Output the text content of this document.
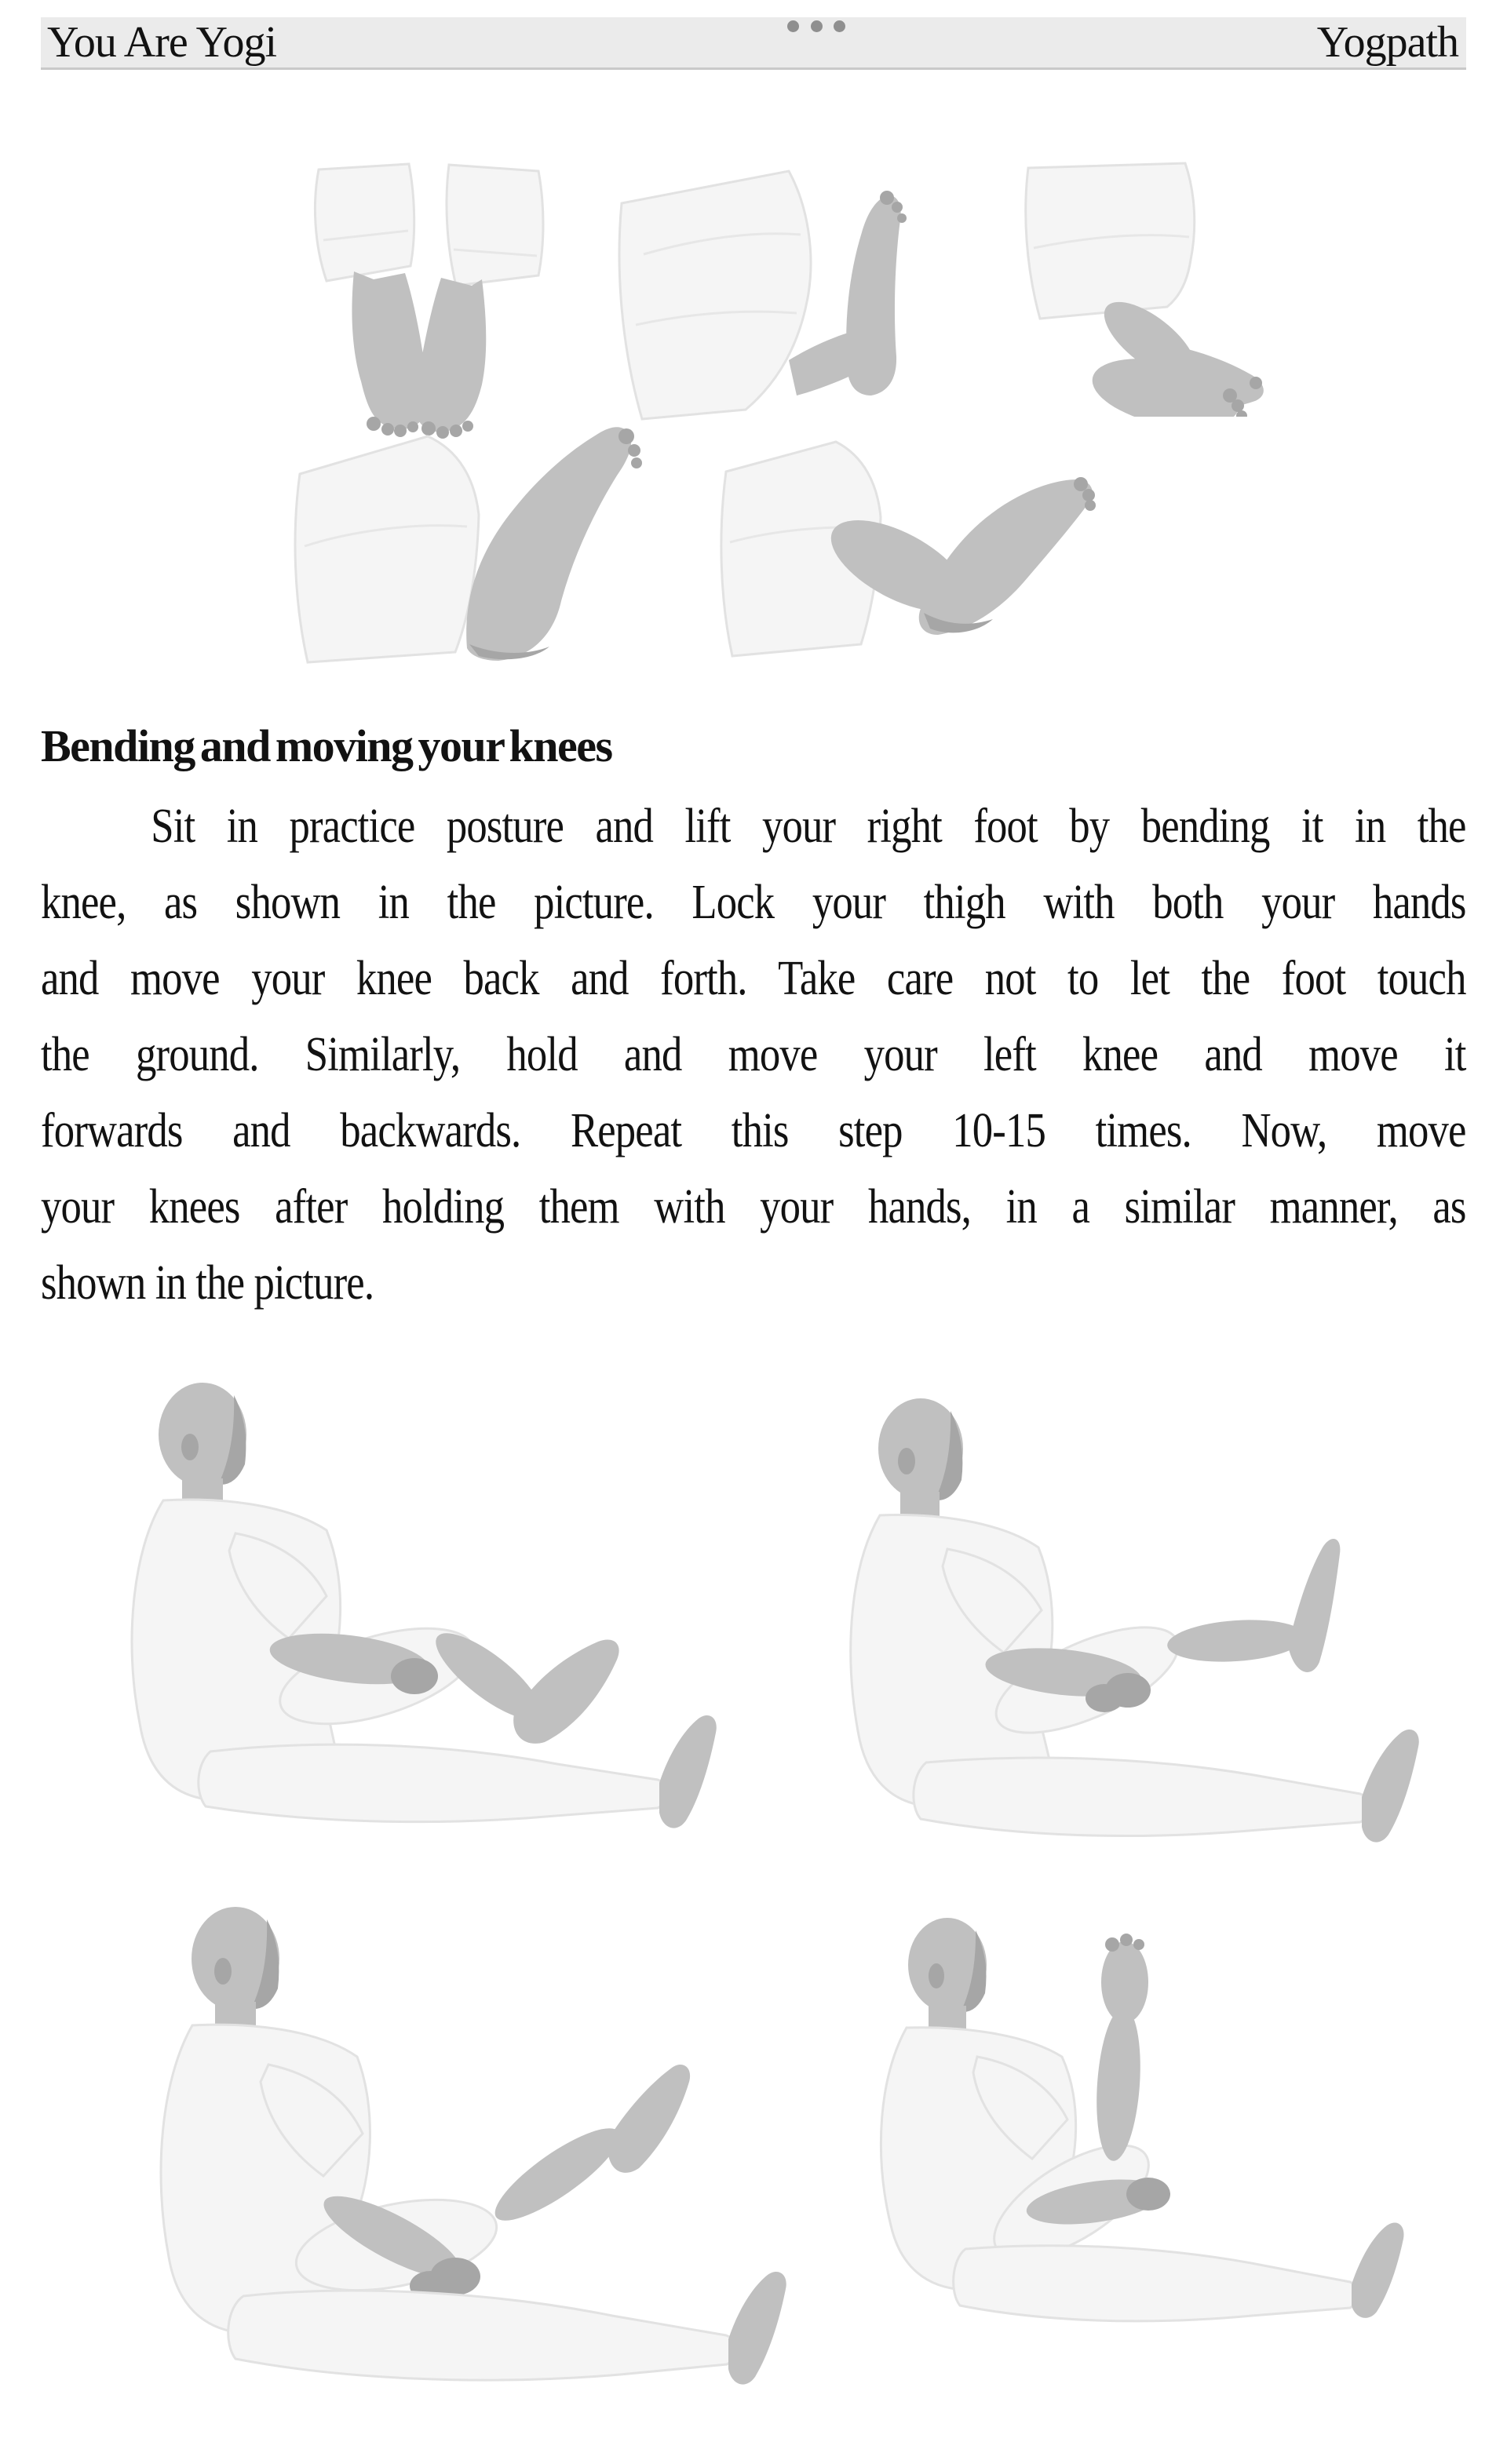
You Are Yogi	Yogpath
Bending and moving your knees
Sit in practice posture and lift your right foot by bending it in the
knee, as shown in the picture. Lock your thigh with both your hands
and move your knee back and forth. Take care not to let the foot touch
the ground. Similarly, hold and move your left knee and move it
forwards and backwards. Repeat this step 10-15 times. Now, move
your knees after holding them with your hands, in a similar manner, as
shown in the picture.
